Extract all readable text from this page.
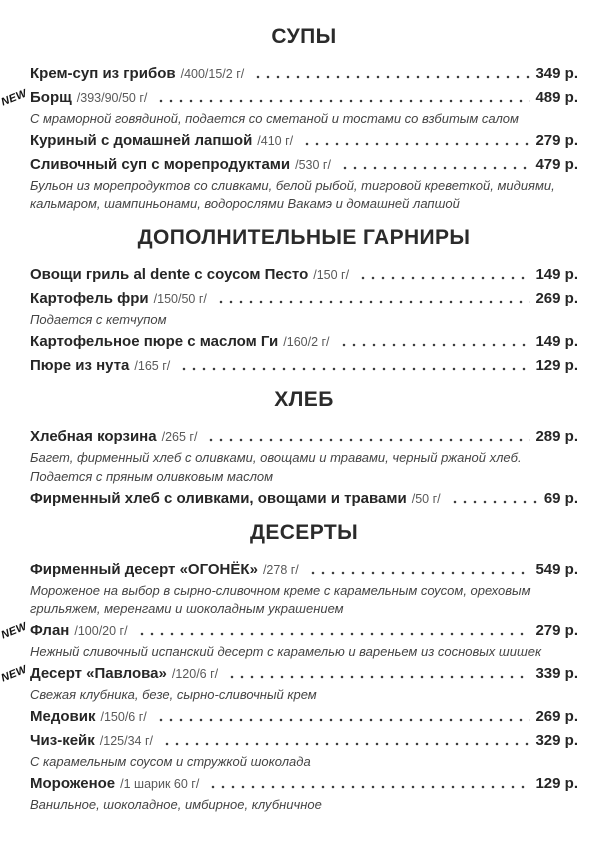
СУПЫ
Крем-суп из грибов /400/15/2 г/	349 р.
NEW Борщ /393/90/50 г/	489 р.
С мраморной говядиной, подается со сметаной и тостами со взбитым салом
Куриный с домашней лапшой /410 г/	279 р.
Сливочный суп с морепродуктами /530 г/	479 р.
Бульон из морепродуктов со сливками, белой рыбой, тигровой креветкой, мидиями, кальмаром, шампиньонами, водорослями Вакамэ и домашней лапшой
ДОПОЛНИТЕЛЬНЫЕ ГАРНИРЫ
Овощи гриль al dente с соусом Песто /150 г/	149 р.
Картофель фри /150/50 г/	269 р.
Подается с кетчупом
Картофельное пюре с маслом Ги /160/2 г/	149 р.
Пюре из нута /165 г/	129 р.
ХЛЕБ
Хлебная корзина /265 г/	289 р.
Багет, фирменный хлеб с оливками, овощами и травами, черный ржаной хлеб.
Подается с пряным оливковым маслом
Фирменный хлеб с оливками, овощами и травами /50 г/	69 р.
ДЕСЕРТЫ
Фирменный десерт «ОГОНЁК» /278 г/	549 р.
Мороженое на выбор в сырно-сливочном креме с карамельным соусом, ореховым грильяжем, меренгами и шоколадным украшением
NEW Флан /100/20 г/	279 р.
Нежный сливочный испанский десерт с карамелью и вареньем из сосновых шишек
NEW Десерт «Павлова» /120/6 г/	339 р.
Свежая клубника, безе, сырно-сливочный крем
Медовик /150/6 г/	269 р.
Чиз-кейк /125/34 г/	329 р.
С карамельным соусом и стружкой шоколада
Мороженое /1 шарик 60 г/	129 р.
Ванильное, шоколадное, имбирное, клубничное
